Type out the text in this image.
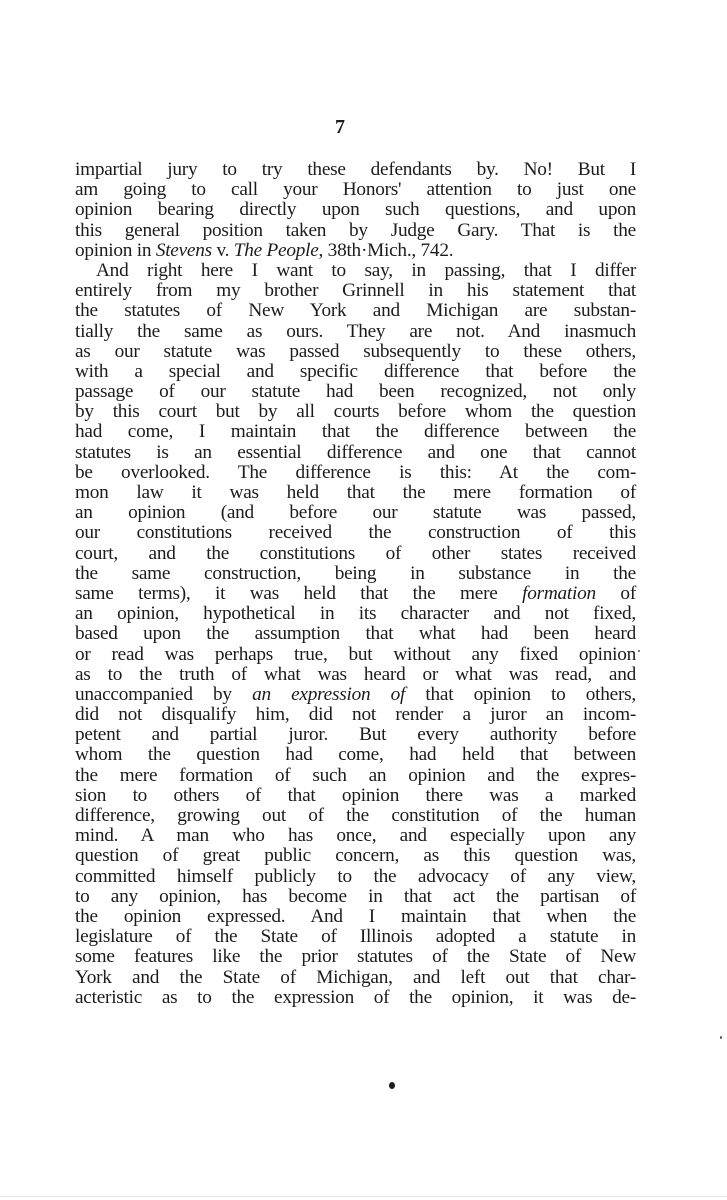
7
impartial jury to try these defendants by. No! But I
am going to call your Honors' attention to just one
opinion bearing directly upon such questions, and upon
this general position taken by Judge Gary. That is the
opinion in Stevens v. The People, 38th·Mich., 742.
And right here I want to say, in passing, that I differ
entirely from my brother Grinnell in his statement that
the statutes of New York and Michigan are substan-
tially the same as ours. They are not. And inasmuch
as our statute was passed subsequently to these others,
with a special and specific difference that before the
passage of our statute had been recognized, not only
by this court but by all courts before whom the question
had come, I maintain that the difference between the
statutes is an essential difference and one that cannot
be overlooked. The difference is this: At the com-
mon law it was held that the mere formation of
an opinion (and before our statute was passed,
our constitutions received the construction of this
court, and the constitutions of other states received
the same construction, being in substance in the
same terms), it was held that the mere formation of
an opinion, hypothetical in its character and not fixed,
based upon the assumption that what had been heard
or read was perhaps true, but without any fixed opinion
as to the truth of what was heard or what was read, and
unaccompanied by an expression of that opinion to others,
did not disqualify him, did not render a juror an incom-
petent and partial juror. But every authority before
whom the question had come, had held that between
the mere formation of such an opinion and the expres-
sion to others of that opinion there was a marked
difference, growing out of the constitution of the human
mind. A man who has once, and especially upon any
question of great public concern, as this question was,
committed himself publicly to the advocacy of any view,
to any opinion, has become in that act the partisan of
the opinion expressed. And I maintain that when the
legislature of the State of Illinois adopted a statute in
some features like the prior statutes of the State of New
York and the State of Michigan, and left out that char-
acteristic as to the expression of the opinion, it was de-
